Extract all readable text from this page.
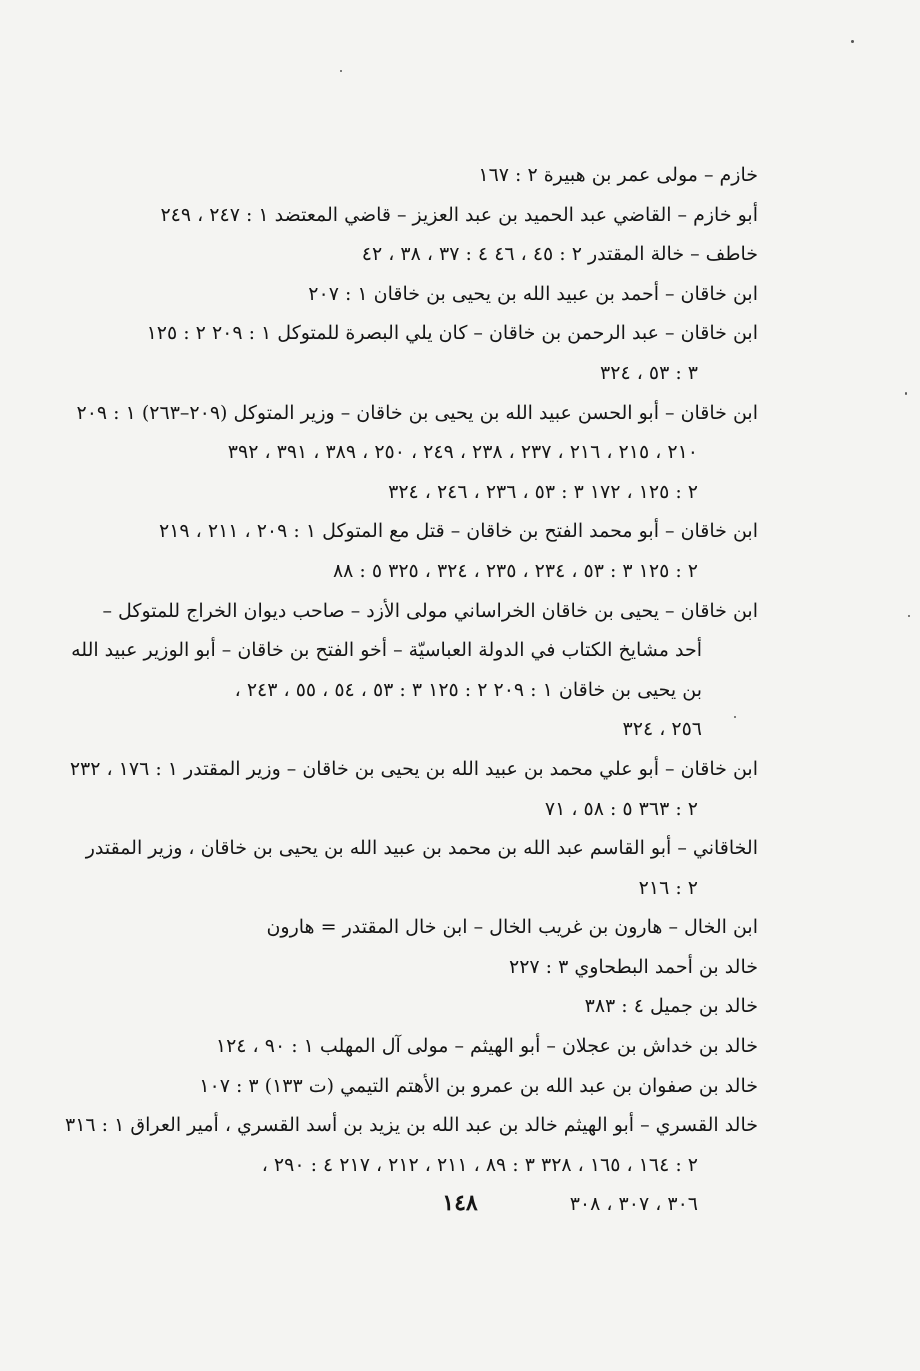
خازم – مولى عمر بن هبيرة ٢ : ١٦٧
أبو خازم – القاضي عبد الحميد بن عبد العزيز – قاضي المعتضد ١ : ٢٤٧ ، ٢٤٩
خاطف – خالة المقتدر ٢ : ٤٥ ، ٤٦ ٤ : ٣٧ ، ٣٨ ، ٤٢
ابن خاقان – أحمد بن عبيد الله بن يحيى بن خاقان ١ : ٢٠٧
ابن خاقان – عبد الرحمن بن خاقان – كان يلي البصرة للمتوكل ١ : ٢٠٩ ٢ : ١٢٥
٣ : ٥٣ ، ٣٢٤
ابن خاقان – أبو الحسن عبيد الله بن يحيى بن خاقان – وزير المتوكل (٢٠٩–٢٦٣) ١ : ٢٠٩
٢١٠ ، ٢١٥ ، ٢١٦ ، ٢٣٧ ، ٢٣٨ ، ٢٤٩ ، ٢٥٠ ، ٣٨٩ ، ٣٩١ ، ٣٩٢
٢ : ١٢٥ ، ١٧٢ ٣ : ٥٣ ، ٢٣٦ ، ٢٤٦ ، ٣٢٤
ابن خاقان – أبو محمد الفتح بن خاقان – قتل مع المتوكل ١ : ٢٠٩ ، ٢١١ ، ٢١٩
٢ : ١٢٥ ٣ : ٥٣ ، ٢٣٤ ، ٢٣٥ ، ٣٢٤ ، ٣٢٥ ٥ : ٨٨
ابن خاقان – يحيى بن خاقان الخراساني مولى الأزد – صاحب ديوان الخراج للمتوكل –
أحد مشايخ الكتاب في الدولة العباسيّة – أخو الفتح بن خاقان – أبو الوزير عبيد الله
بن يحيى بن خاقان ١ : ٢٠٩ ٢ : ١٢٥ ٣ : ٥٣ ، ٥٤ ، ٥٥ ، ٢٤٣ ،
٢٥٦ ، ٣٢٤
ابن خاقان – أبو علي محمد بن عبيد الله بن يحيى بن خاقان – وزير المقتدر ١ : ١٧٦ ، ٢٣٢
٢ : ٣٦٣ ٥ : ٥٨ ، ٧١
الخاقاني – أبو القاسم عبد الله بن محمد بن عبيد الله بن يحيى بن خاقان ، وزير المقتدر
٢ : ٢١٦
ابن الخال – هارون بن غريب الخال – ابن خال المقتدر = هارون
خالد بن أحمد البطحاوي ٣ : ٢٢٧
خالد بن جميل ٤ : ٣٨٣
خالد بن خداش بن عجلان – أبو الهيثم – مولى آل المهلب ١ : ٩٠ ، ١٢٤
خالد بن صفوان بن عبد الله بن عمرو بن الأهتم التيمي (ت ١٣٣) ٣ : ١٠٧
خالد القسري – أبو الهيثم خالد بن عبد الله بن يزيد بن أسد القسري ، أمير العراق ١ : ٣١٦
٢ : ١٦٤ ، ١٦٥ ، ٣٢٨ ٣ : ٨٩ ، ٢١١ ، ٢١٢ ، ٢١٧ ٤ : ٢٩٠ ،
٣٠٦ ، ٣٠٧ ، ٣٠٨
١٤٨
